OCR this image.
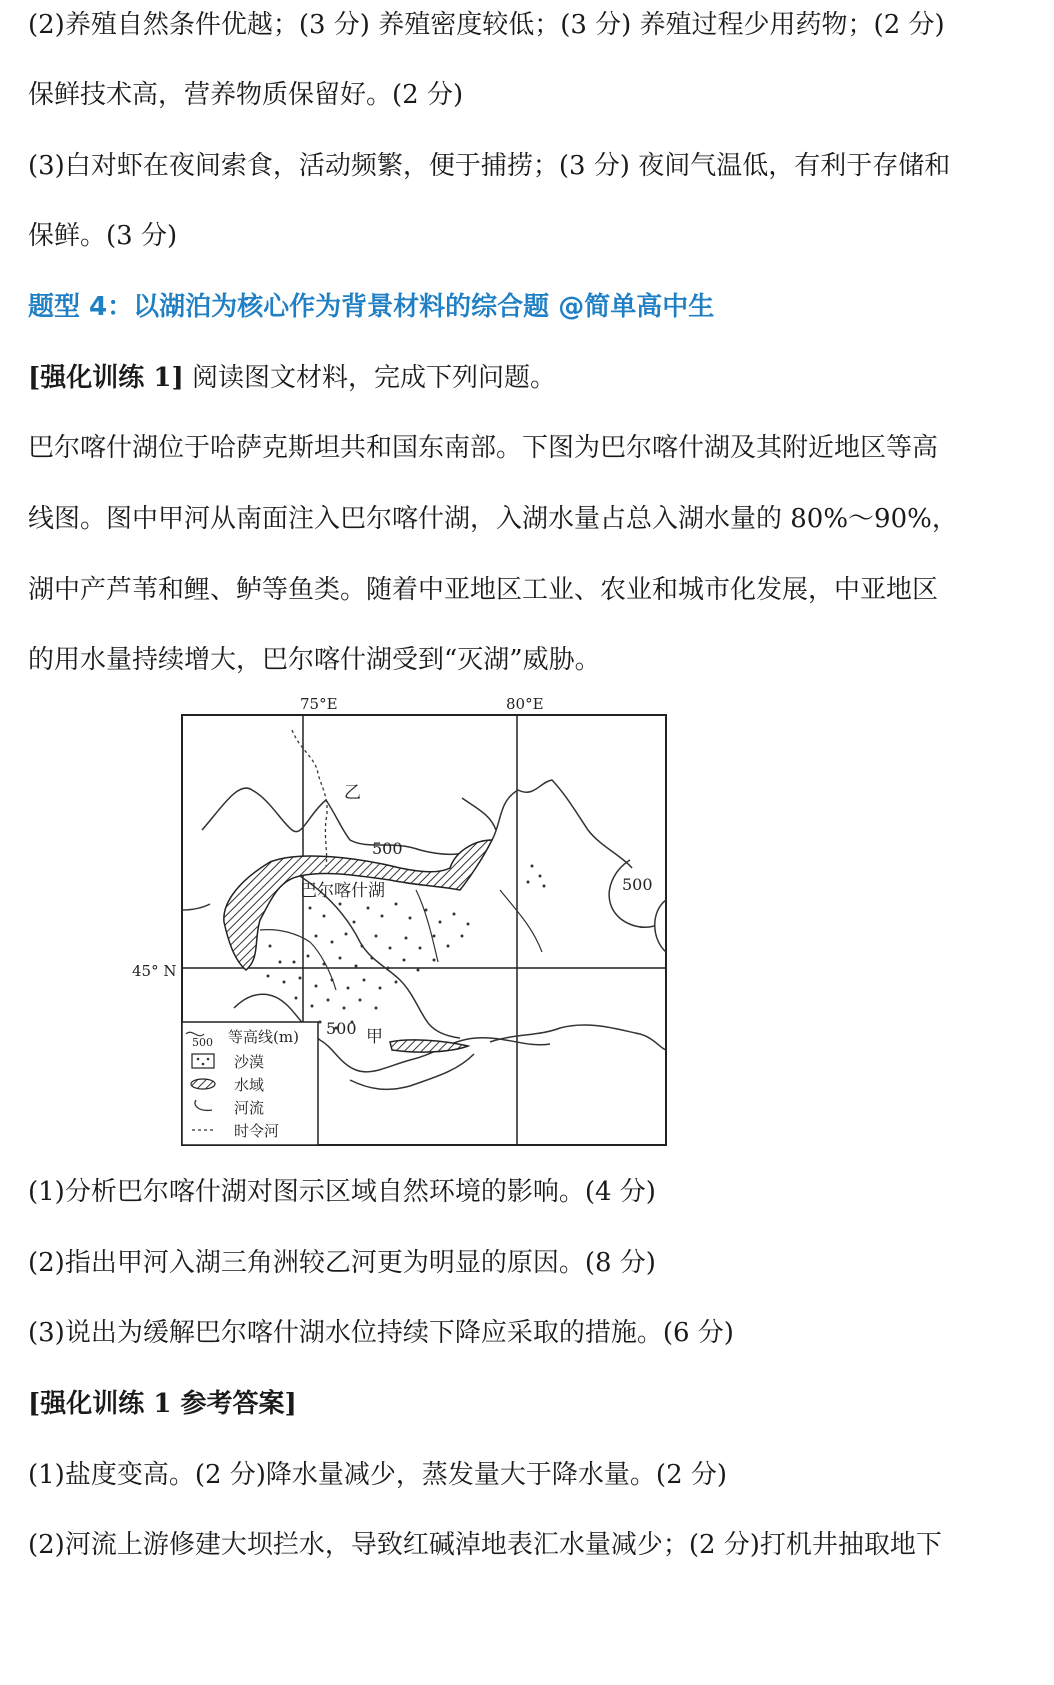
(2)养殖自然条件优越；(3 分) 养殖密度较低；(3 分) 养殖过程少用药物；(2 分)
保鲜技术高，营养物质保留好。(2 分)
(3)白对虾在夜间索食，活动频繁，便于捕捞；(3 分) 夜间气温低，有利于存储和
保鲜。(3 分)
题型 4：以湖泊为核心作为背景材料的综合题 @简单高中生
[强化训练 1] 阅读图文材料，完成下列问题。
巴尔喀什湖位于哈萨克斯坦共和国东南部。下图为巴尔喀什湖及其附近地区等高
线图。图中甲河从南面注入巴尔喀什湖，入湖水量占总入湖水量的 80%～90%，
湖中产芦苇和鲤、鲈等鱼类。随着中亚地区工业、农业和城市化发展，中亚地区
的用水量持续增大，巴尔喀什湖受到“灭湖”威胁。
75°E	80°E
45° N
乙
500
500
巴尔喀什湖
500 甲
500 等高线(m)
沙漠
水域
河流
时令河
(1)分析巴尔喀什湖对图示区域自然环境的影响。(4 分)
(2)指出甲河入湖三角洲较乙河更为明显的原因。(8 分)
(3)说出为缓解巴尔喀什湖水位持续下降应采取的措施。(6 分)
[强化训练 1 参考答案]
(1)盐度变高。(2 分)降水量减少，蒸发量大于降水量。(2 分)
(2)河流上游修建大坝拦水，导致红碱淖地表汇水量减少；(2 分)打机井抽取地下
